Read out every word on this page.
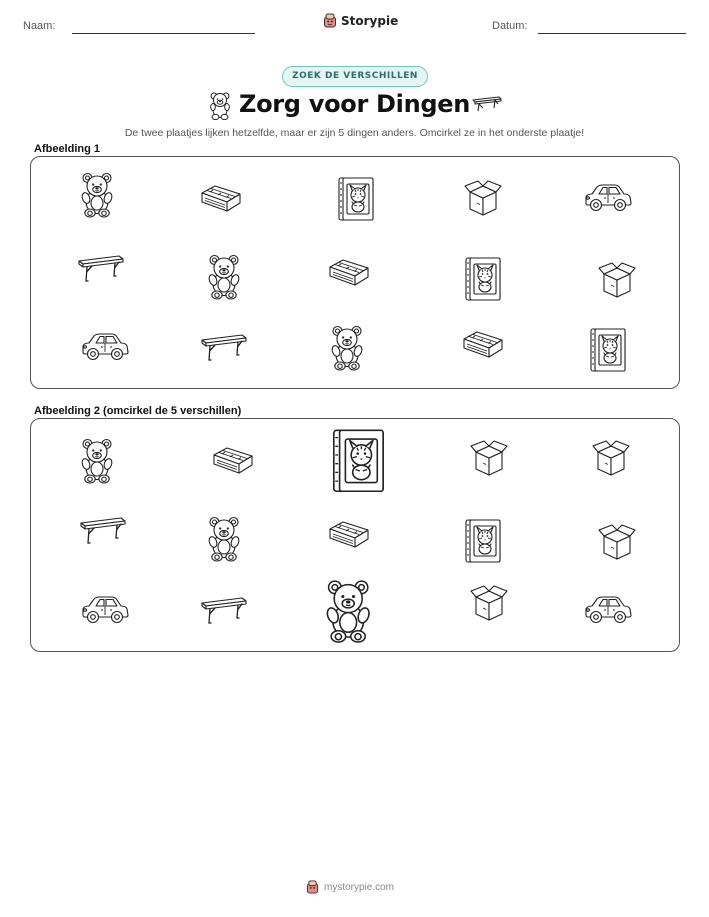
Naam:	Storypie	Datum:
ZOEK DE VERSCHILLEN
Zorg voor Dingen
De twee plaatjes lijken hetzelfde, maar er zijn 5 dingen anders. Omcirkel ze in het onderste plaatje!
Afbeelding 1
Afbeelding 2 (omcirkel de 5 verschillen)
mystorypie.com
